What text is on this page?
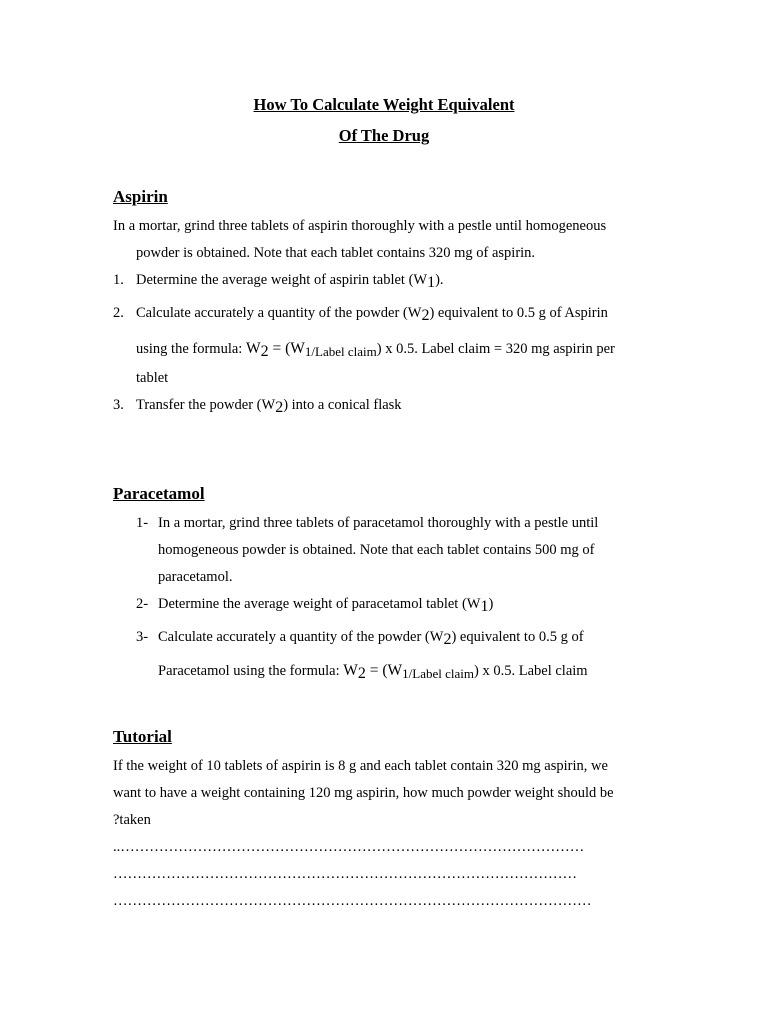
How To Calculate Weight Equivalent
Of The Drug
Aspirin
In a mortar, grind three tablets of aspirin thoroughly with a pestle until homogeneous
powder is obtained. Note that each tablet contains 320 mg of aspirin.
1. Determine the average weight of aspirin tablet (W1).
2. Calculate accurately a quantity of the powder (W2) equivalent to 0.5 g of Aspirin
using the formula: W2 = (W1/Label claim) x 0.5. Label claim = 320 mg aspirin per
tablet
3. Transfer the powder (W2) into a conical flask
Paracetamol
1- In a mortar, grind three tablets of paracetamol thoroughly with a pestle until
homogeneous powder is obtained. Note that each tablet contains 500 mg of
paracetamol.
2- Determine the average weight of paracetamol tablet (W1)
3- Calculate accurately a quantity of the powder (W2) equivalent to 0.5 g of
Paracetamol using the formula: W2 = (W1/Label claim) x 0.5. Label claim
Tutorial
If the weight of 10 tablets of aspirin is 8 g and each tablet contain 320 mg aspirin, we
want to have a weight containing 120 mg aspirin, how much powder weight should be
?taken
..……………………………………………………………………………………
……………………………………………………………………………………
………………………………………………………………………………………
